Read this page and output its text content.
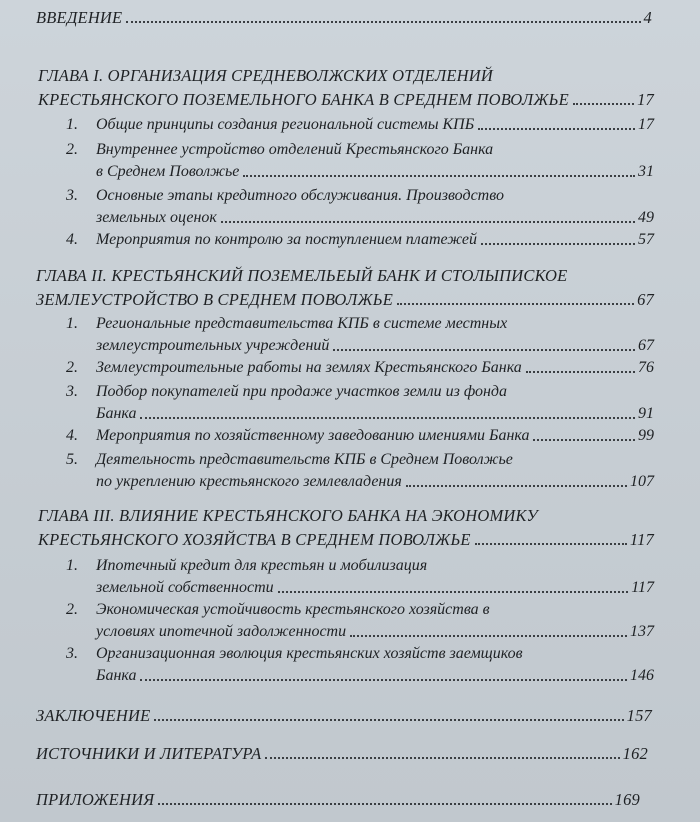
ВВЕДЕНИЕ	4
ГЛАВА I. ОРГАНИЗАЦИЯ СРЕДНЕВОЛЖСКИХ ОТДЕЛЕНИЙ
КРЕСТЬЯНСКОГО ПОЗЕМЕЛЬНОГО БАНКА В СРЕДНЕМ ПОВОЛЖЬЕ	17
1.	Общие принципы создания региональной системы КПБ	17
2.	Внутреннее устройство отделений Крестьянского Банка
в Среднем Поволжье	31
3.	Основные этапы кредитного обслуживания. Производство
земельных оценок	49
4.	Мероприятия по контролю за поступлением платежей	57
ГЛАВА II. КРЕСТЬЯНСКИЙ ПОЗЕМЕЛЬЕЫЙ БАНК И СТОЛЫПИСКОЕ
ЗЕМЛЕУСТРОЙСТВО В СРЕДНЕМ ПОВОЛЖЬЕ	67
1.	Региональные представительства КПБ в системе местных
землеустроительных учреждений	67
2.	Землеустроительные работы на землях Крестьянского Банка	76
3.	Подбор покупателей при продаже участков земли из фонда
Банка	91
4.	Мероприятия по хозяйственному заведованию имениями Банка	99
5.	Деятельность представительств КПБ в Среднем Поволжье
по укреплению крестьянского землевладения	107
ГЛАВА III. ВЛИЯНИЕ КРЕСТЬЯНСКОГО БАНКА НА ЭКОНОМИКУ
КРЕСТЬЯНСКОГО ХОЗЯЙСТВА В СРЕДНЕМ ПОВОЛЖЬЕ	117
1.	Ипотечный кредит для крестьян и мобилизация
земельной собственности	117
2.	Экономическая устойчивость крестьянского хозяйства в
условиях ипотечной задолженности	137
3.	Организационная эволюция крестьянских хозяйств заемщиков
Банка	146
ЗАКЛЮЧЕНИЕ	157
ИСТОЧНИКИ И ЛИТЕРАТУРА	162
ПРИЛОЖЕНИЯ	169
